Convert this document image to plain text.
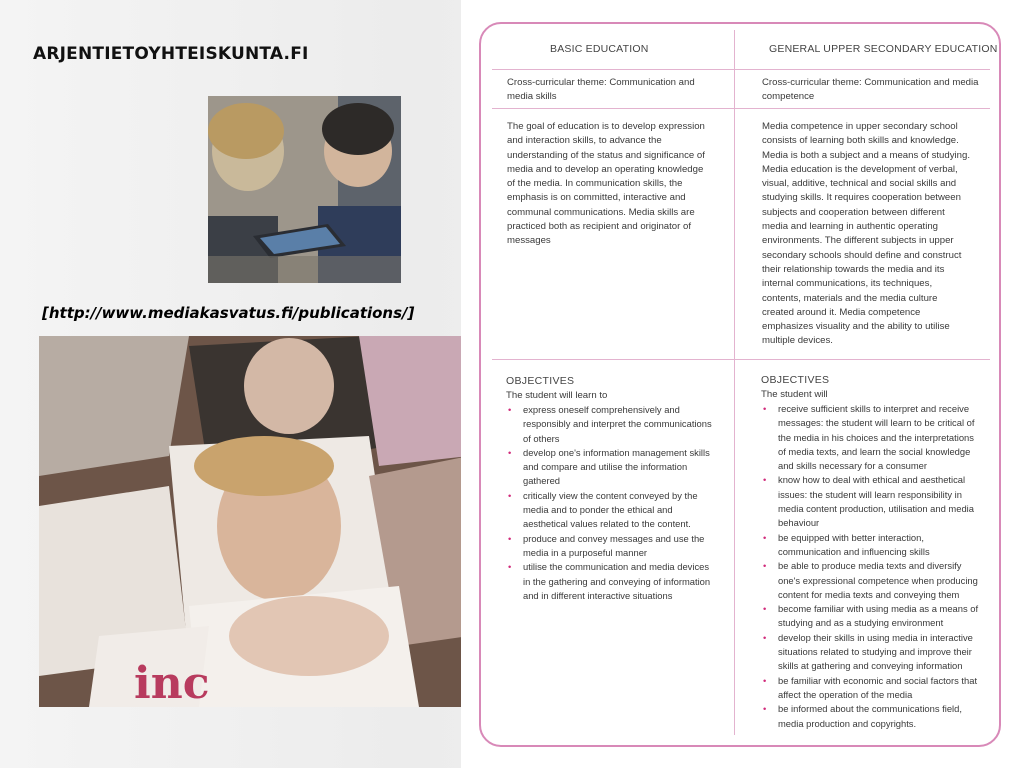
ARJENTIETOYHTEISKUNTA.FI
[http://www.mediakasvatus.fi/publications/]
inc
BASIC EDUCATION	GENERAL UPPER SECONDARY EDUCATION
Cross-curricular theme: Communication and media skills
Cross-curricular theme: Communication and media competence
The goal of education is to develop expression and interaction skills, to advance the understanding of the status and significance of media and to develop an operating knowledge of the media. In communication skills, the emphasis is on committed, interactive and communal communications. Media skills are practiced both as recipient and originator of messages
Media competence in upper secondary school consists of learning both skills and knowledge. Media is both a subject and a means of studying. Media education is the development of verbal, visual, additive, technical and social skills and studying skills. It requires cooperation between subjects and cooperation between different media and learning in authentic operating environments. The different subjects in upper secondary schools should define and construct their relationship towards the media and its internal communications, its techniques, contents, materials and the media culture created around it. Media competence emphasizes visuality and the ability to utilise multiple devices.
OBJECTIVES
The student will learn to
• express oneself comprehensively and responsibly and interpret the communications of others
• develop one's information management skills and compare and utilise the information gathered
• critically view the content conveyed by the media and to ponder the ethical and aesthetical values related to the content.
• produce and convey messages and use the media in a purposeful manner
• utilise the communication and media devices in the gathering and conveying of information and in different interactive situations
OBJECTIVES
The student will
• receive sufficient skills to interpret and receive messages: the student will learn to be critical of the media in his choices and the interpretations of media texts, and learn the social knowledge and skills necessary for a consumer
• know how to deal with ethical and aesthetical issues: the student will learn responsibility in media content production, utilisation and media behaviour
• be equipped with better interaction, communication and influencing skills
• be able to produce media texts and diversify one's expressional competence when producing content for media texts and conveying them
• become familiar with using media as a means of studying and as a studying environment
• develop their skills in using media in interactive situations related to studying and improve their skills at gathering and conveying information
• be familiar with economic and social factors that affect the operation of the media
• be informed about the communications field, media production and copyrights.
